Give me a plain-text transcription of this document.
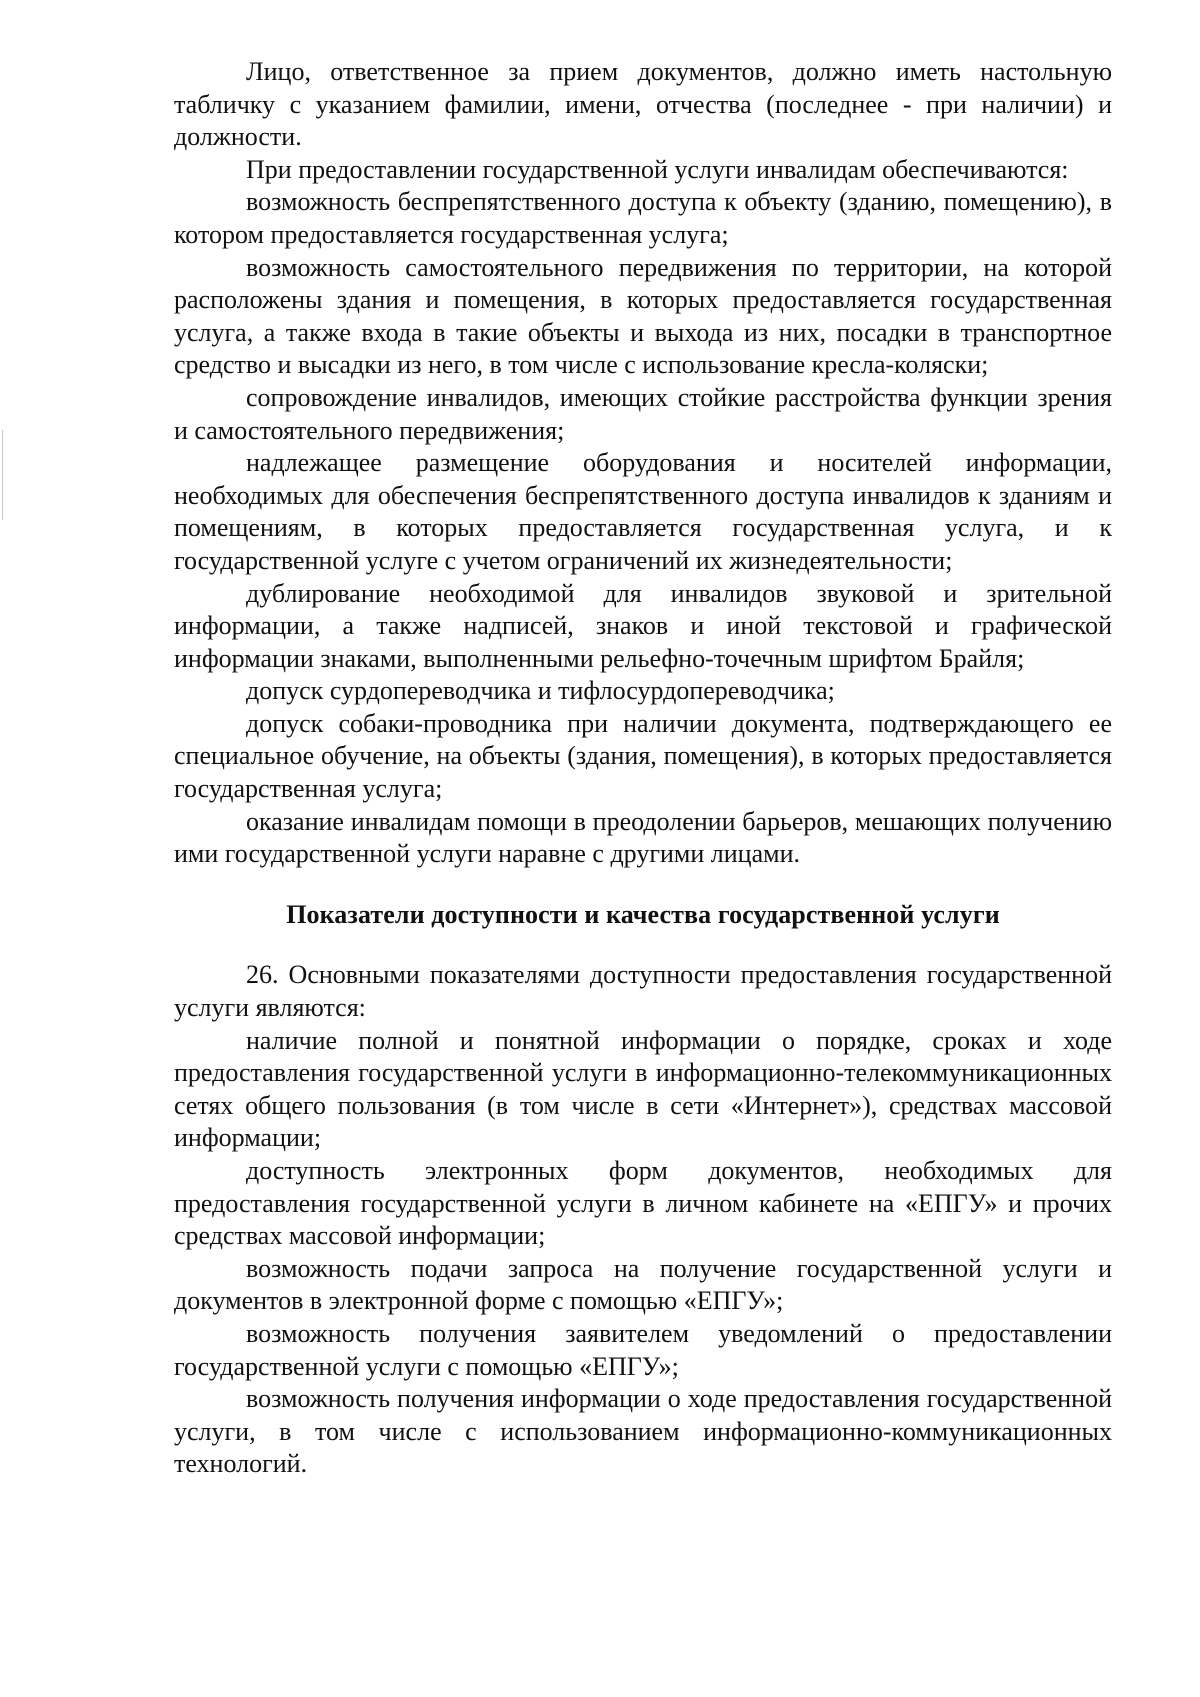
Лицо, ответственное за прием документов, должно иметь настольную табличку с указанием фамилии, имени, отчества (последнее - при наличии) и должности.

При предоставлении государственной услуги инвалидам обеспечиваются:

возможность беспрепятственного доступа к объекту (зданию, помещению), в котором предоставляется государственная услуга;

возможность самостоятельного передвижения по территории, на которой расположены здания и помещения, в которых предоставляется государственная услуга, а также входа в такие объекты и выхода из них, посадки в транспортное средство и высадки из него, в том числе с использование кресла-коляски;

сопровождение инвалидов, имеющих стойкие расстройства функции зрения и самостоятельного передвижения;

надлежащее размещение оборудования и носителей информации, необходимых для обеспечения беспрепятственного доступа инвалидов к зданиям и помещениям, в которых предоставляется государственная услуга, и к государственной услуге с учетом ограничений их жизнедеятельности;

дублирование необходимой для инвалидов звуковой и зрительной информации, а также надписей, знаков и иной текстовой и графической информации знаками, выполненными рельефно-точечным шрифтом Брайля;

допуск сурдопереводчика и тифлосурдопереводчика;

допуск собаки-проводника при наличии документа, подтверждающего ее специальное обучение, на объекты (здания, помещения), в которых предоставляется государственная услуга;

оказание инвалидам помощи в преодолении барьеров, мешающих получению ими государственной услуги наравне с другими лицами.

Показатели доступности и качества государственной услуги

26. Основными показателями доступности предоставления государственной услуги являются:

наличие полной и понятной информации о порядке, сроках и ходе предоставления государственной услуги в информационно-телекоммуникационных сетях общего пользования (в том числе в сети «Интернет»), средствах массовой информации;

доступность электронных форм документов, необходимых для предоставления государственной услуги в личном кабинете на «ЕПГУ» и прочих средствах массовой информации;

возможность подачи запроса на получение государственной услуги и документов в электронной форме с помощью «ЕПГУ»;

возможность получения заявителем уведомлений о предоставлении государственной услуги с помощью «ЕПГУ»;

возможность получения информации о ходе предоставления государственной услуги, в том числе с использованием информационно-коммуникационных технологий.
